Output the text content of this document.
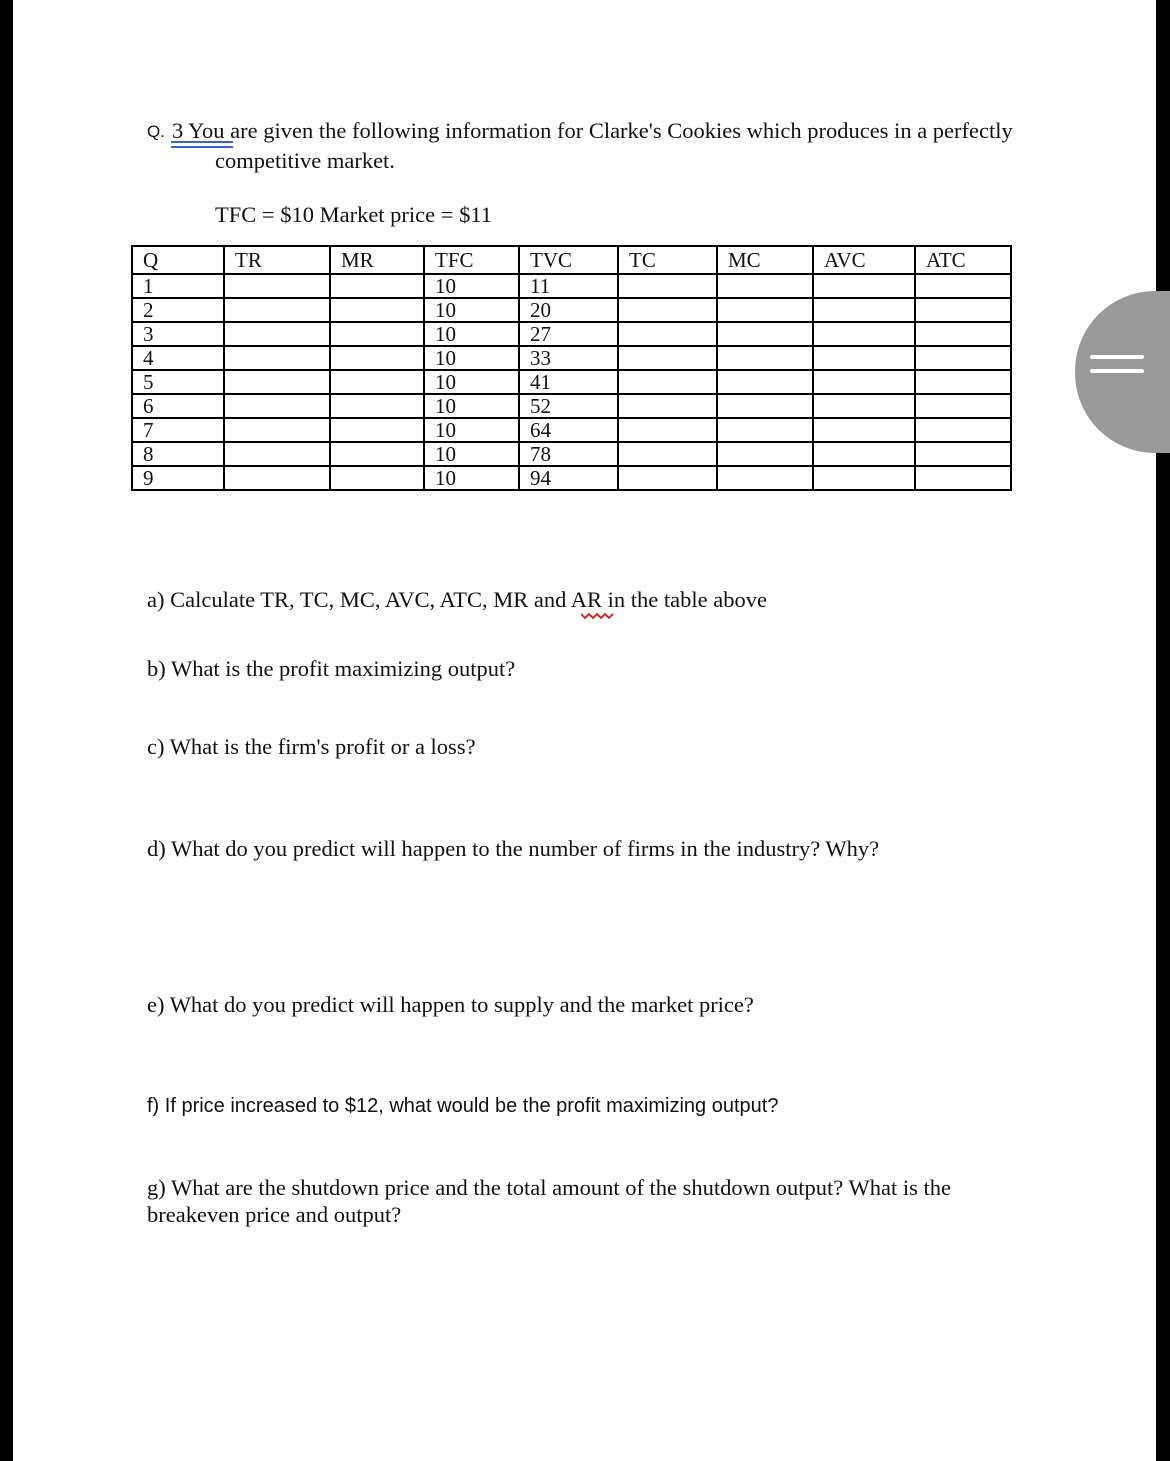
Q. 3 You are given the following information for Clarke's Cookies which produces in a perfectly
competitive market.
TFC = $10 Market price = $11
Q	TR	MR	TFC	TVC	TC	MC	AVC	ATC
1			10	11				
2			10	20				
3			10	27				
4			10	33				
5			10	41				
6			10	52				
7			10	64				
8			10	78				
9			10	94				
a) Calculate TR, TC, MC, AVC, ATC, MR and AR in the table above
b) What is the profit maximizing output?
c) What is the firm's profit or a loss?
d) What do you predict will happen to the number of firms in the industry? Why?
e) What do you predict will happen to supply and the market price?
f) If price increased to $12, what would be the profit maximizing output?
g) What are the shutdown price and the total amount of the shutdown output? What is the
breakeven price and output?
